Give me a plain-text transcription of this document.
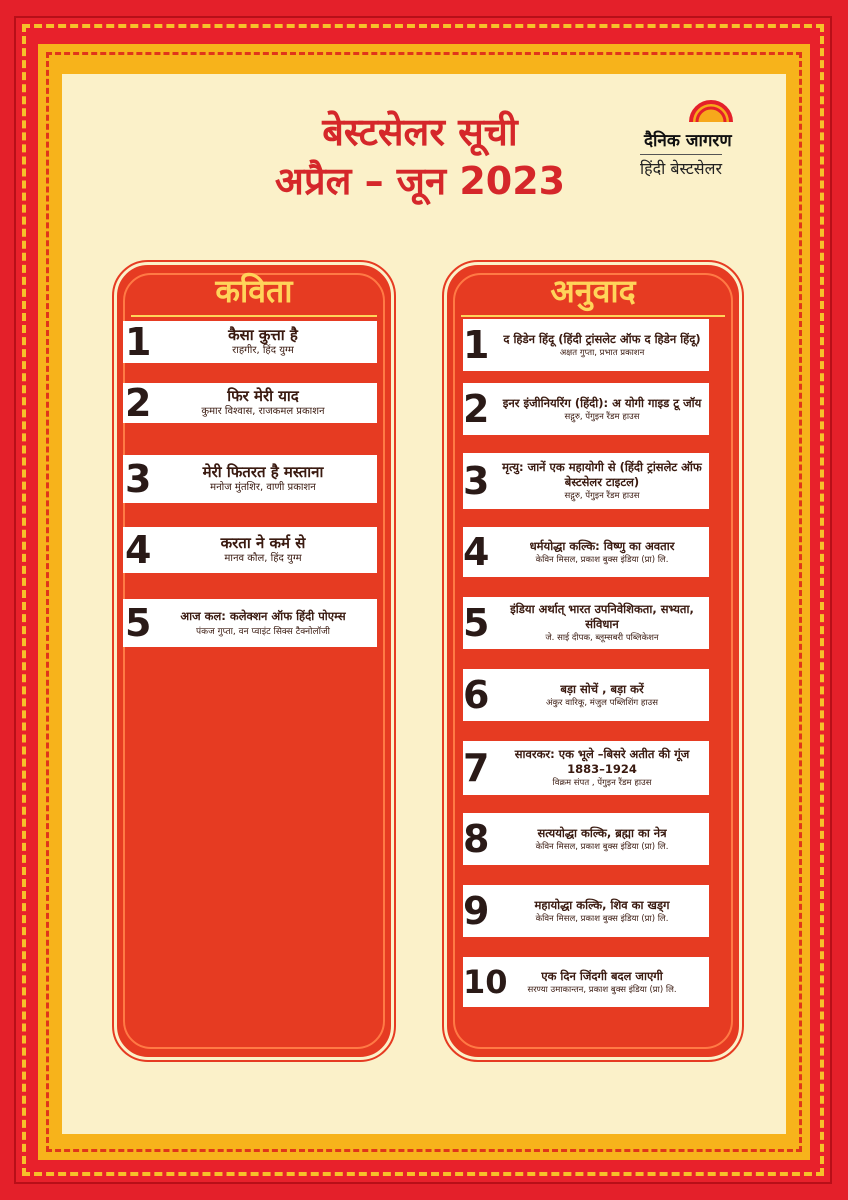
बेस्टसेलर सूची
अप्रैल – जून 2023
दैनिक जागरण
हिंदी बेस्टसेलर
कविता
1	कैसा कुत्ता है
राहगीर, हिंद युग्म
2	फिर मेरी याद
कुमार विश्वास, राजकमल प्रकाशन
3	मेरी फितरत है मस्ताना
मनोज मुंतशिर, वाणी प्रकाशन
4	करता ने कर्म से
मानव कौल, हिंद युग्म
5	आज कल: कलेक्शन ऑफ हिंदी पोएम्स
पंकज गुप्ता, वन प्वाइंट सिक्स टैक्नोलॉजी
अनुवाद
1	द हिडेन हिंदू (हिंदी ट्रांसलेट ऑफ द हिडेन हिंदू)
अक्षत गुप्ता, प्रभात प्रकाशन
2	इनर इंजीनियरिंग (हिंदी): अ योगी गाइड टू जॉय
सद्गुरु, पेंगुइन रैंडम हाउस
3 मृत्यु: जानें एक महायोगी से (हिंदी ट्रांसलेट ऑफ बेस्टसेलर टाइटल)
सद्गुरु, पेंगुइन रैंडम हाउस
4	धर्मयोद्धा कल्कि: विष्णु का अवतार
केविन मिसल, प्रकाश बुक्स इंडिया (प्रा) लि.
5	इंडिया अर्थात् भारत उपनिवेशिकता, सभ्यता, संविधान
जे. साई दीपक, ब्लूम्सबरी पब्लिकेशन
6	बड़ा सोचें , बड़ा करें
अंकुर वारिकू, मंजुल पब्लिशिंग हाउस
7	सावरकर: एक भूले –बिसरे अतीत की गूंज 1883–1924
विक्रम संपत , पेंगुइन रैंडम हाउस
8	सत्ययोद्धा कल्कि, ब्रह्मा का नेत्र
केविन मिसल, प्रकाश बुक्स इंडिया (प्रा) लि.
9	महायोद्धा कल्कि, शिव का खड्ग
केविन मिसल, प्रकाश बुक्स इंडिया (प्रा) लि.
10	एक दिन जिंदगी बदल जाएगी
सरण्या उमाकान्तन, प्रकाश बुक्स इंडिया (प्रा) लि.
